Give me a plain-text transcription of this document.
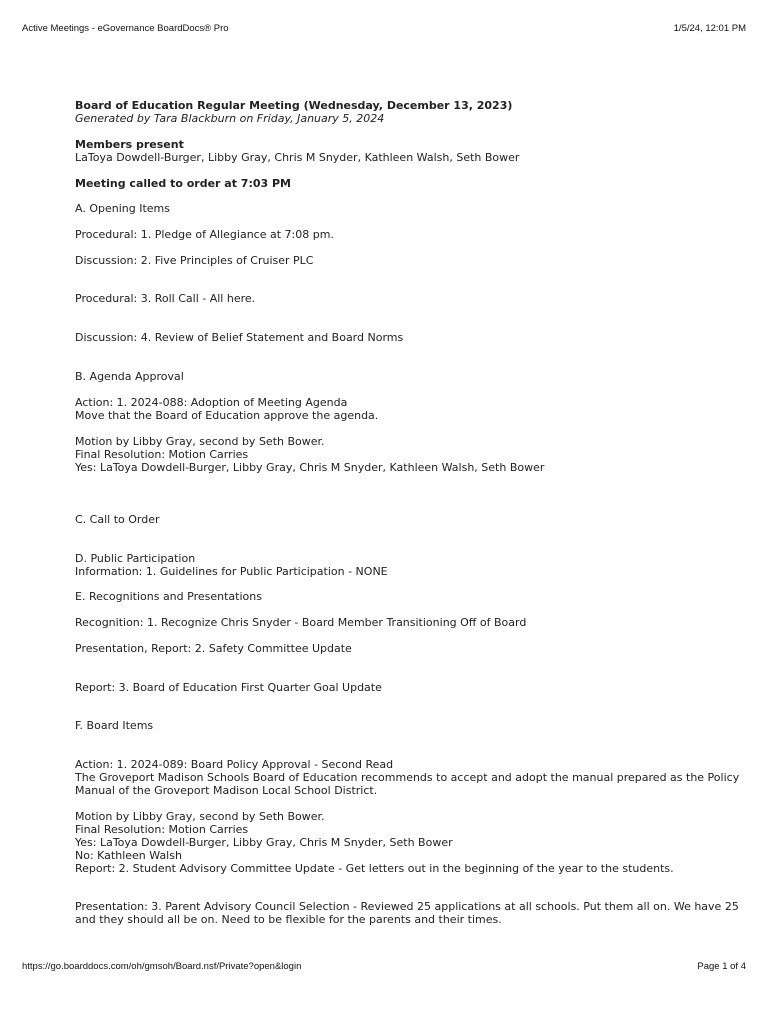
Active Meetings - eGovernance BoardDocs® Pro	1/5/24, 12:01 PM
Board of Education Regular Meeting (Wednesday, December 13, 2023)
Generated by Tara Blackburn on Friday, January 5, 2024
Members present
LaToya Dowdell-Burger, Libby Gray, Chris M Snyder, Kathleen Walsh, Seth Bower
Meeting called to order at 7:03 PM
A. Opening Items
Procedural: 1. Pledge of Allegiance at 7:08 pm.
Discussion: 2. Five Principles of Cruiser PLC
Procedural: 3. Roll Call - All here.
Discussion: 4. Review of Belief Statement and Board Norms
B. Agenda Approval
Action: 1. 2024-088: Adoption of Meeting Agenda
Move that the Board of Education approve the agenda.
Motion by Libby Gray, second by Seth Bower.
Final Resolution: Motion Carries
Yes: LaToya Dowdell-Burger, Libby Gray, Chris M Snyder, Kathleen Walsh, Seth Bower
C. Call to Order
D. Public Participation
Information: 1. Guidelines for Public Participation - NONE
E. Recognitions and Presentations
Recognition: 1. Recognize Chris Snyder - Board Member Transitioning Off of Board
Presentation, Report: 2. Safety Committee Update
Report: 3. Board of Education First Quarter Goal Update
F. Board Items
Action: 1. 2024-089: Board Policy Approval - Second Read
The Groveport Madison Schools Board of Education recommends to accept and adopt the manual prepared as the Policy
Manual of the Groveport Madison Local School District.
Motion by Libby Gray, second by Seth Bower.
Final Resolution: Motion Carries
Yes: LaToya Dowdell-Burger, Libby Gray, Chris M Snyder, Seth Bower
No: Kathleen Walsh
Report: 2. Student Advisory Committee Update - Get letters out in the beginning of the year to the students.
Presentation: 3. Parent Advisory Council Selection - Reviewed 25 applications at all schools. Put them all on. We have 25
and they should all be on. Need to be flexible for the parents and their times.
https://go.boarddocs.com/oh/gmsoh/Board.nsf/Private?open&login	Page 1 of 4
